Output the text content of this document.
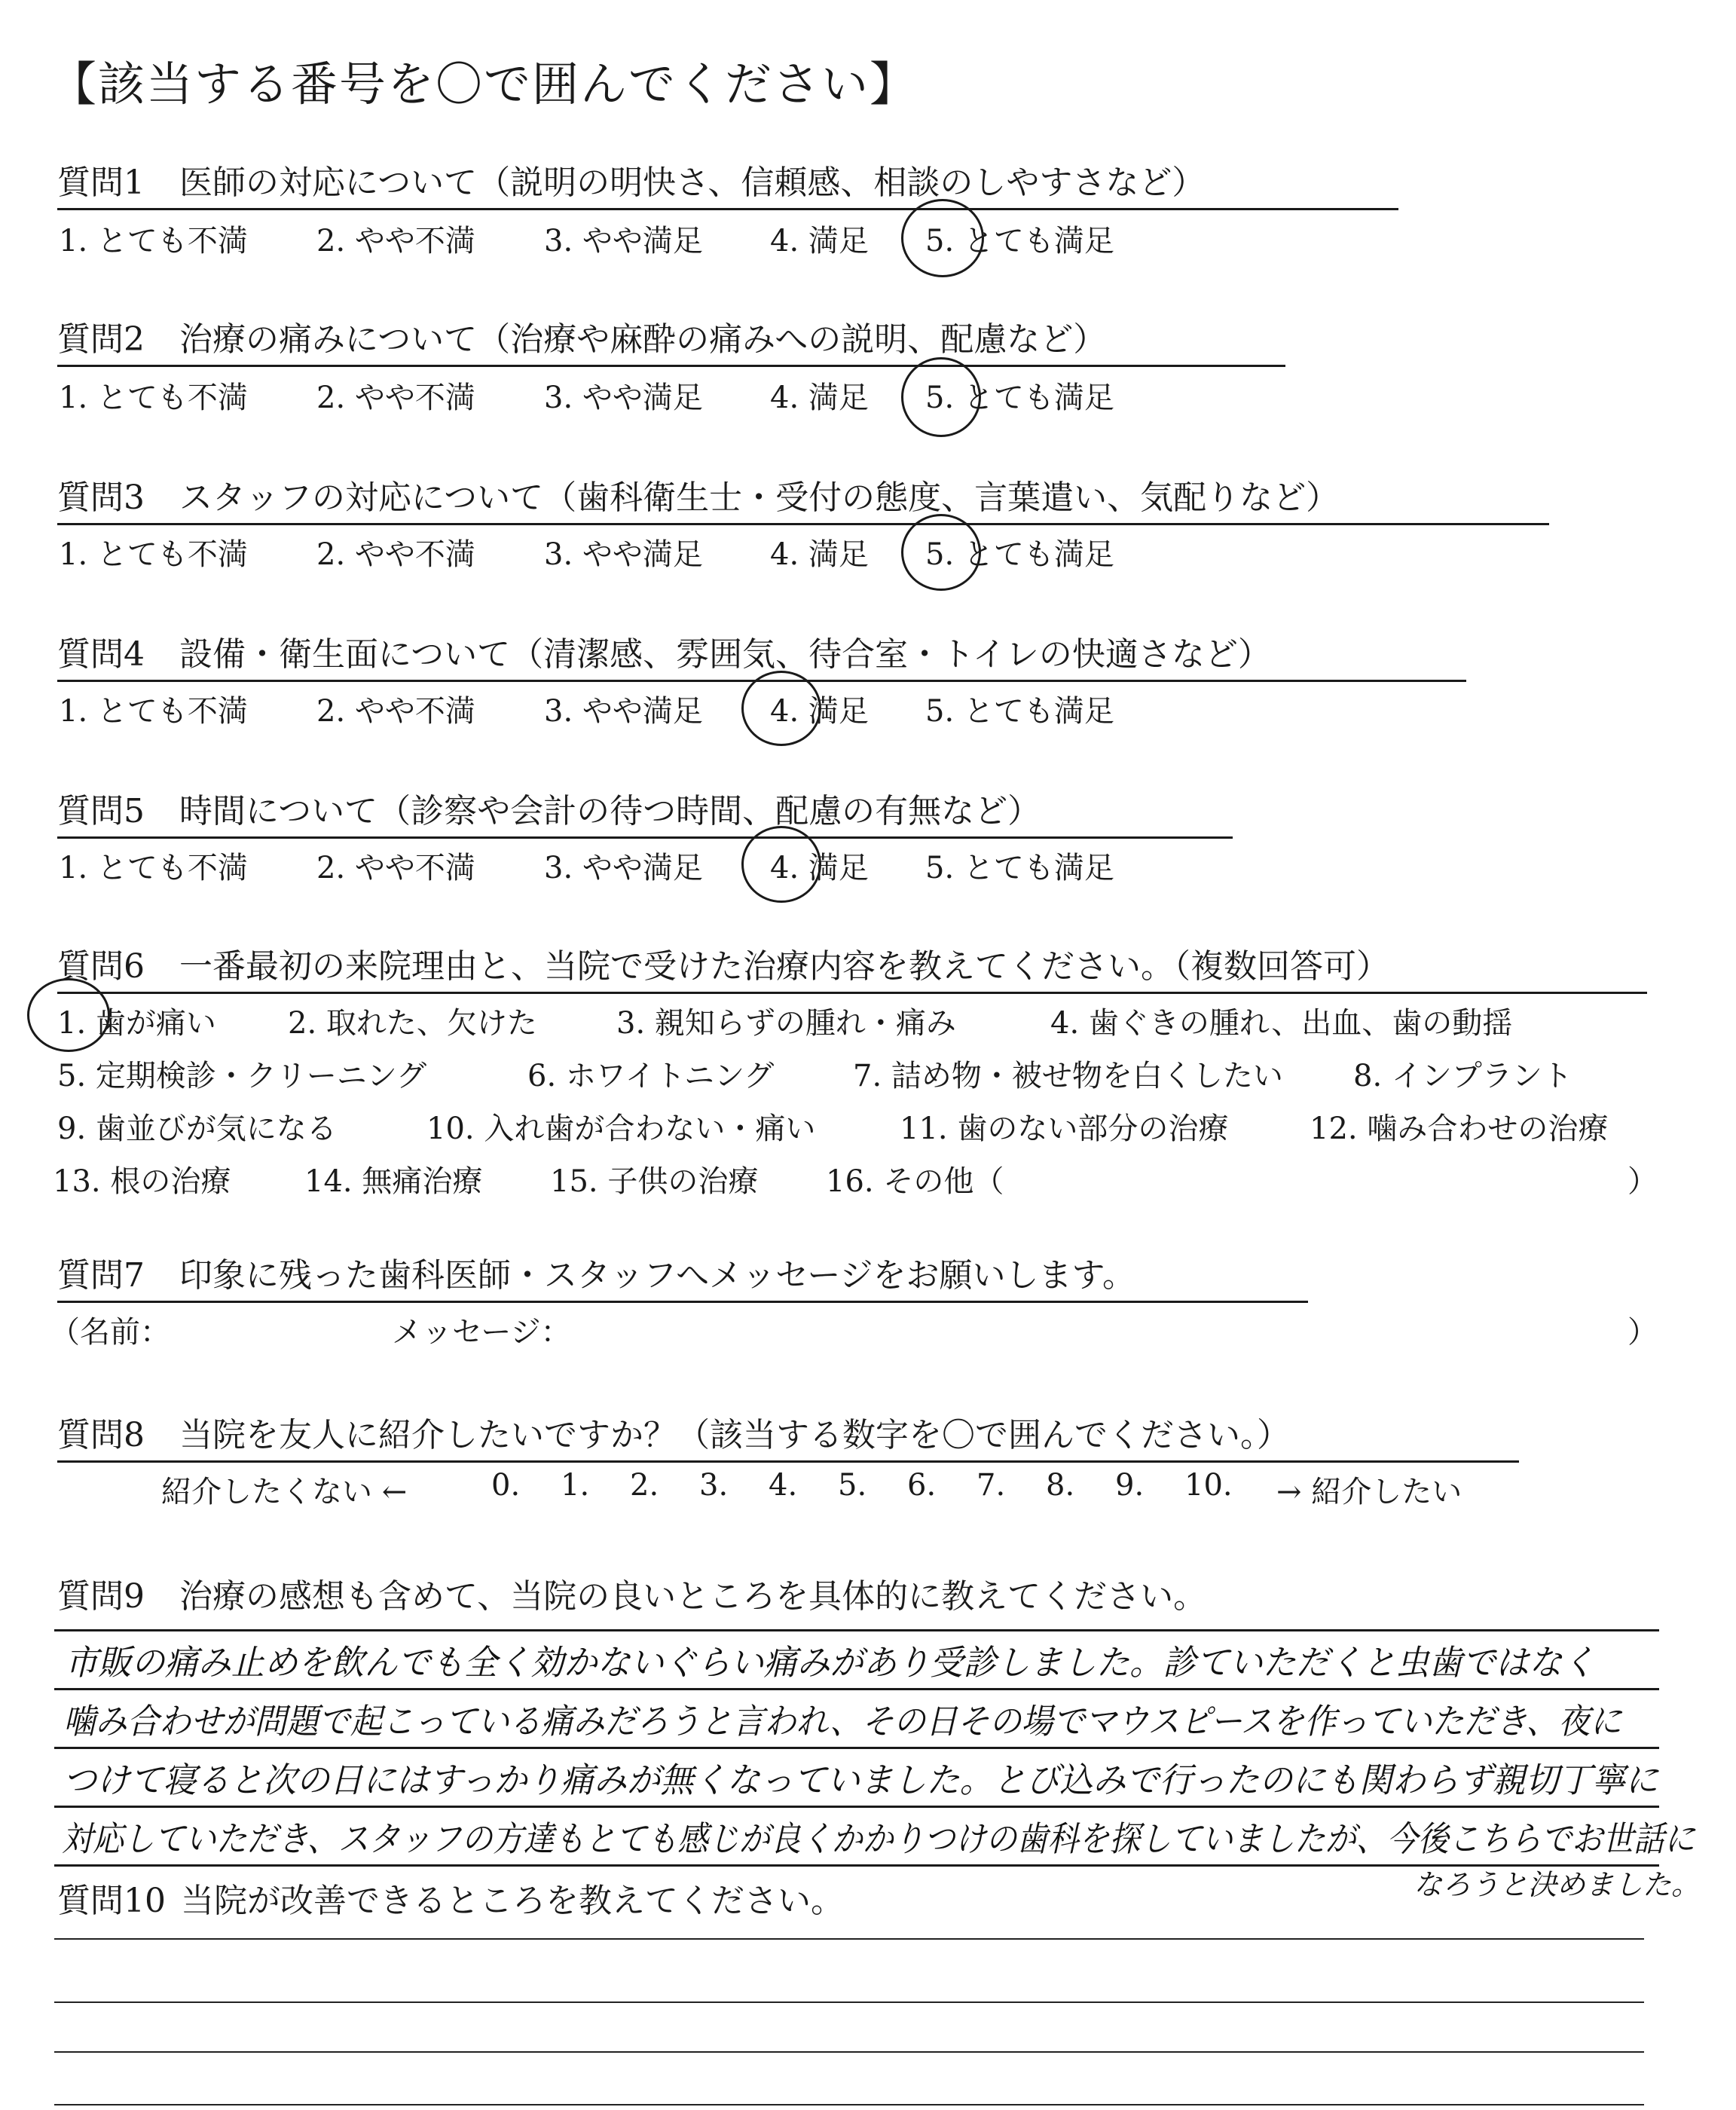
【該当する番号を〇で囲んでください】
質問1 医師の対応について（説明の明快さ、信頼感、相談のしやすさなど）
1. とても不満 2. やや不満 3. やや満足 4. 満足 5. とても満足
質問2 治療の痛みについて（治療や麻酔の痛みへの説明、配慮など）
1. とても不満 2. やや不満 3. やや満足 4. 満足 5. とても満足
質問3 スタッフの対応について（歯科衛生士・受付の態度、言葉遣い、気配りなど）
1. とても不満 2. やや不満 3. やや満足 4. 満足 5. とても満足
質問4 設備・衛生面について（清潔感、雰囲気、待合室・トイレの快適さなど）
1. とても不満 2. やや不満 3. やや満足 4. 満足 5. とても満足
質問5 時間について（診察や会計の待つ時間、配慮の有無など）
1. とても不満 2. やや不満 3. やや満足 4. 満足 5. とても満足
質問6 一番最初の来院理由と、当院で受けた治療内容を教えてください。（複数回答可）
1. 歯が痛い 2. 取れた、欠けた	3. 親知らずの腫れ・痛み	4. 歯ぐきの腫れ、出血、歯の動揺
5. 定期検診・クリーニング	6. ホワイトニング	7. 詰め物・被せ物を白くしたい 8. インプラント
9. 歯並びが気になる	10. 入れ歯が合わない・痛い	11. 歯のない部分の治療	12. 噛み合わせの治療
13. 根の治療 14. 無痛治療 15. 子供の治療 16. その他（	）
質問7 印象に残った歯科医師・スタッフへメッセージをお願いします。
（名前：	メッセージ：	）
質問8 当院を友人に紹介したいですか？（該当する数字を〇で囲んでください。）
紹介したくない ←	0. 1. 2. 3. 4. 5. 6. 7. 8. 9. 10. → 紹介したい
質問9 治療の感想も含めて、当院の良いところを具体的に教えてください。
市販の痛み止めを飲んでも全く効かないぐらい痛みがあり受診しました。診ていただくと虫歯ではなく
噛み合わせが問題で起こっている痛みだろうと言われ、その日その場でマウスピースを作っていただき、夜に
つけて寝ると次の日にはすっかり痛みが無くなっていました。とび込みで行ったのにも関わらず親切丁寧に
対応していただき、スタッフの方達もとても感じが良くかかりつけの歯科を探していましたが、今後こちらでお世話に
なろうと決めました。
質問10 当院が改善できるところを教えてください。
